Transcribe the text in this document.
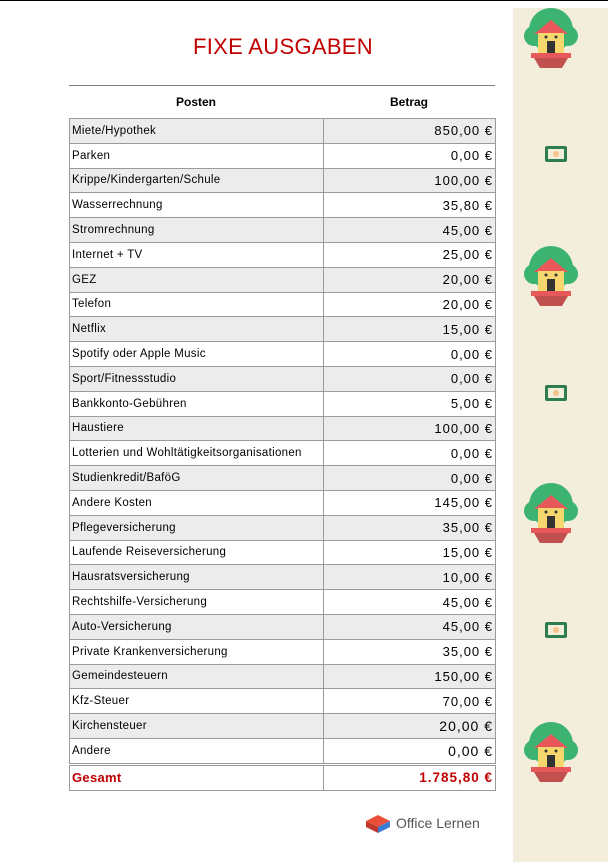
FIXE AUSGABEN
Posten	Betrag
Miete/Hypothek	850,00 €
Parken	0,00 €
Krippe/Kindergarten/Schule	100,00 €
Wasserrechnung	35,80 €
Stromrechnung	45,00 €
Internet + TV	25,00 €
GEZ	20,00 €
Telefon	20,00 €
Netflix	15,00 €
Spotify oder Apple Music	0,00 €
Sport/Fitnessstudio	0,00 €
Bankkonto-Gebühren	5,00 €
Haustiere	100,00 €
Lotterien und Wohltätigkeitsorganisationen	0,00 €
Studienkredit/BaföG	0,00 €
Andere Kosten	145,00 €
Pflegeversicherung	35,00 €
Laufende Reiseversicherung	15,00 €
Hausratsversicherung	10,00 €
Rechtshilfe-Versicherung	45,00 €
Auto-Versicherung	45,00 €
Private Krankenversicherung	35,00 €
Gemeindesteuern	150,00 €
Kfz-Steuer	70,00 €
Kirchensteuer	20,00 €
Andere	0,00 €
Gesamt	1.785,80 €
Office Lernen
